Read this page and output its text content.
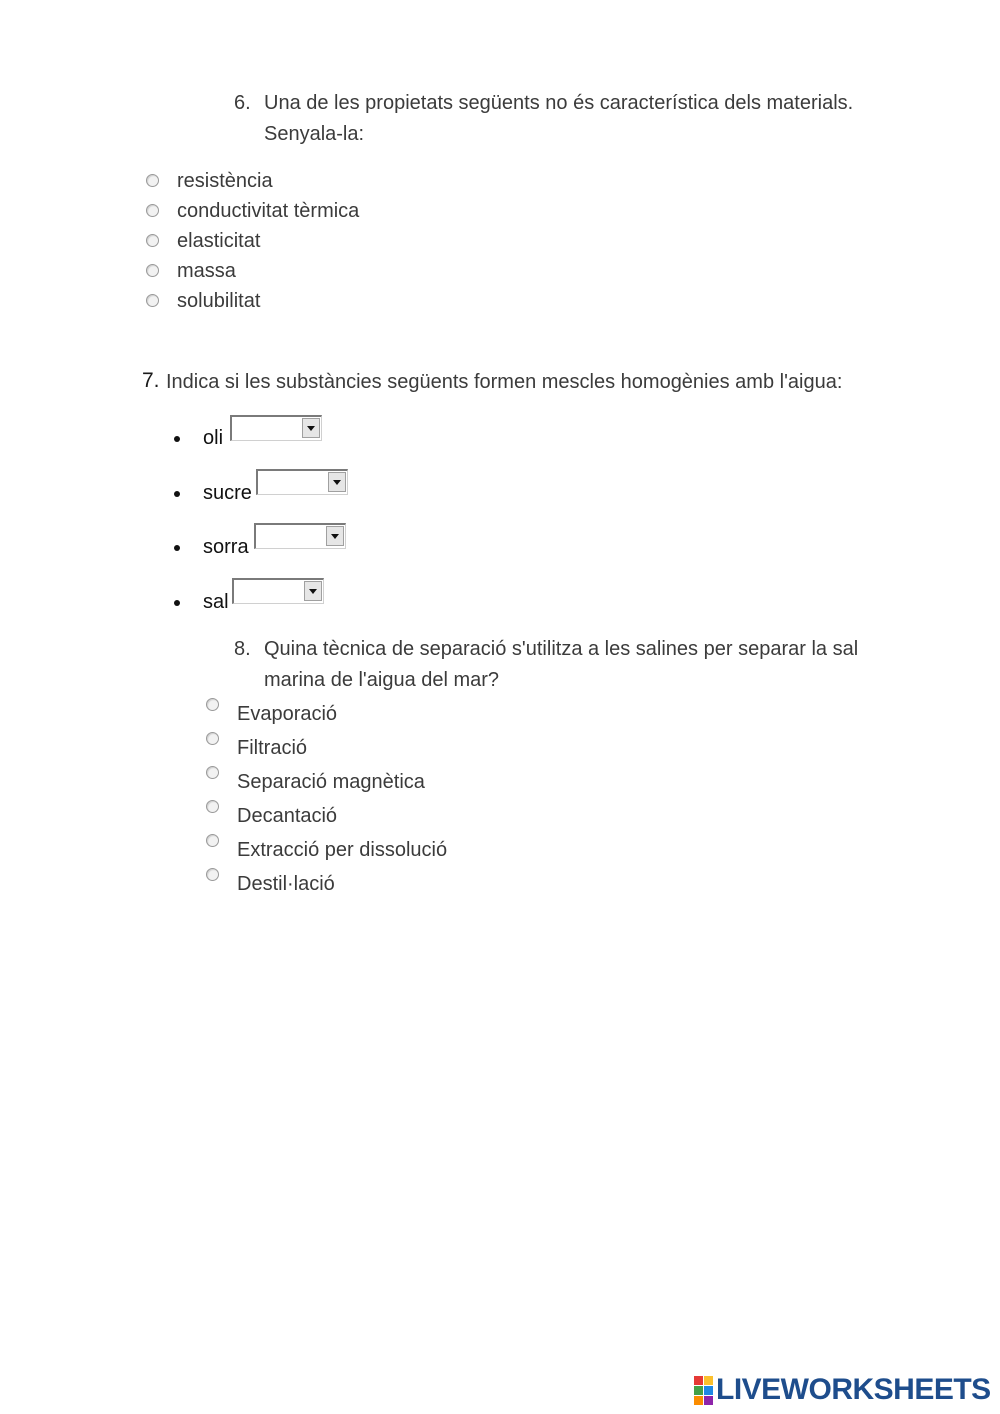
6. Una de les propietats següents no és característica dels materials.
Senyala-la:
resistència
conductivitat tèrmica
elasticitat
massa
solubilitat
7. Indica si les substàncies següents formen mescles homogènies amb l'aigua:
oli
sucre
sorra
sal
8. Quina tècnica de separació s'utilitza a les salines per separar la sal
marina de l'aigua del mar?
Evaporació
Filtració
Separació magnètica
Decantació
Extracció per dissolució
Destil·lació
LIVEWORKSHEETS
